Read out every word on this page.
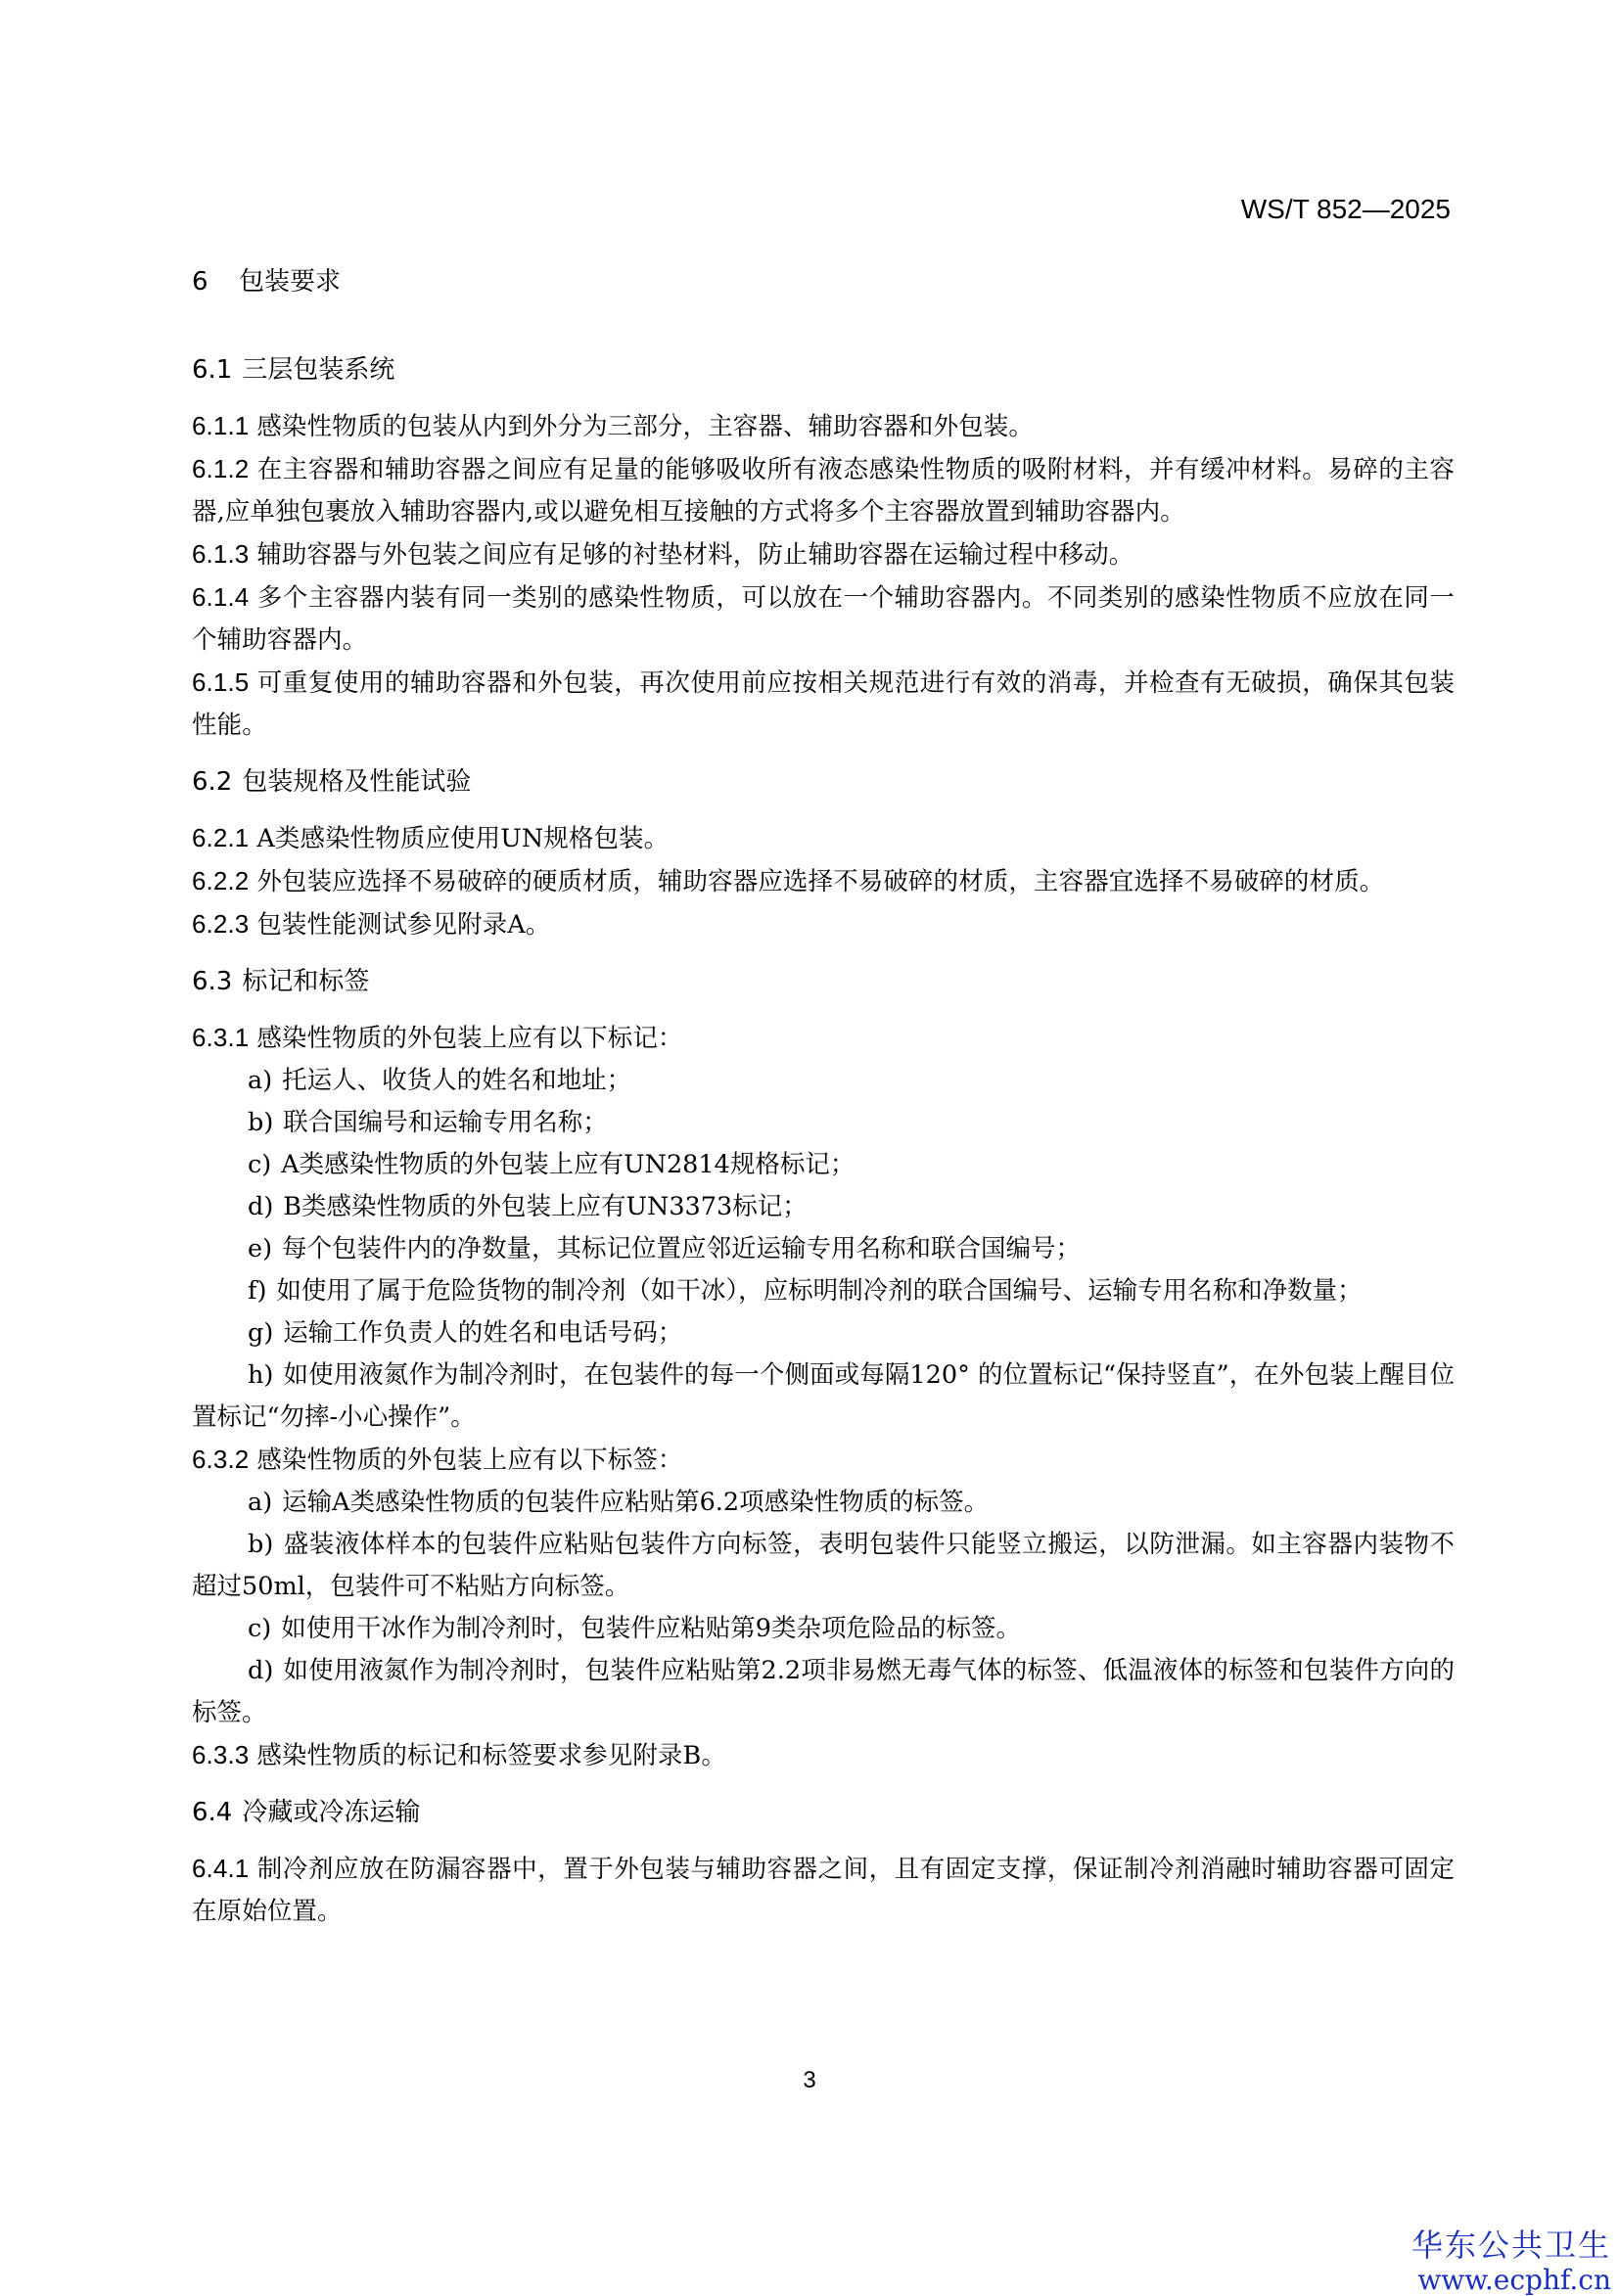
WS/T 852—2025
6 包装要求
6.1 三层包装系统

6.1.1 感染性物质的包装从内到外分为三部分，主容器、辅助容器和外包装。

6.1.2 在主容器和辅助容器之间应有足量的能够吸收所有液态感染性物质的吸附材料，并有缓冲材料。易碎的主容器,应单独包裹放入辅助容器内,或以避免相互接触的方式将多个主容器放置到辅助容器内。

6.1.3 辅助容器与外包装之间应有足够的衬垫材料，防止辅助容器在运输过程中移动。

6.1.4 多个主容器内装有同一类别的感染性物质，可以放在一个辅助容器内。不同类别的感染性物质不应放在同一个辅助容器内。

6.1.5 可重复使用的辅助容器和外包装，再次使用前应按相关规范进行有效的消毒，并检查有无破损，确保其包装性能。

6.2 包装规格及性能试验

6.2.1 A类感染性物质应使用UN规格包装。

6.2.2 外包装应选择不易破碎的硬质材质，辅助容器应选择不易破碎的材质，主容器宜选择不易破碎的材质。

6.2.3 包装性能测试参见附录A。

6.3 标记和标签

6.3.1 感染性物质的外包装上应有以下标记：

a) 托运人、收货人的姓名和地址；

b) 联合国编号和运输专用名称；

c) A类感染性物质的外包装上应有UN2814规格标记；

d) B类感染性物质的外包装上应有UN3373标记；

e) 每个包装件内的净数量，其标记位置应邻近运输专用名称和联合国编号；

f) 如使用了属于危险货物的制冷剂（如干冰），应标明制冷剂的联合国编号、运输专用名称和净数量；

g) 运输工作负责人的姓名和电话号码；

h) 如使用液氮作为制冷剂时，在包装件的每一个侧面或每隔120° 的位置标记“保持竖直”，在外包装上醒目位置标记“勿摔-小心操作”。

6.3.2 感染性物质的外包装上应有以下标签：

a) 运输A类感染性物质的包装件应粘贴第6.2项感染性物质的标签。

b) 盛装液体样本的包装件应粘贴包装件方向标签，表明包装件只能竖立搬运，以防泄漏。如主容器内装物不超过50ml，包装件可不粘贴方向标签。

c) 如使用干冰作为制冷剂时，包装件应粘贴第9类杂项危险品的标签。

d) 如使用液氮作为制冷剂时，包装件应粘贴第2.2项非易燃无毒气体的标签、低温液体的标签和包装件方向的标签。

6.3.3 感染性物质的标记和标签要求参见附录B。

6.4 冷藏或冷冻运输

6.4.1 制冷剂应放在防漏容器中，置于外包装与辅助容器之间，且有固定支撑，保证制冷剂消融时辅助容器可固定在原始位置。

3
华东公共卫生
www.ecphf.cn
